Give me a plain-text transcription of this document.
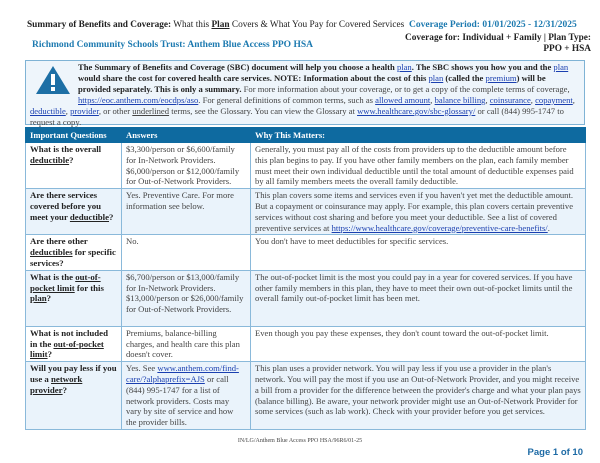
Summary of Benefits and Coverage: What this Plan Covers & What You Pay for Covered Services Coverage Period: 01/01/2025 - 12/31/2025
Coverage for: Individual + Family | Plan Type: PPO + HSA
Richmond Community Schools Trust: Anthem Blue Access PPO HSA
The Summary of Benefits and Coverage (SBC) document will help you choose a health plan. The SBC shows you how you and the plan would share the cost for covered health care services. NOTE: Information about the cost of this plan (called the premium) will be provided separately. This is only a summary. For more information about your coverage, or to get a copy of the complete terms of coverage, https://eoc.anthem.com/eocdps/aso. For general definitions of common terms, such as allowed amount, balance billing, coinsurance, copayment, deductible, provider, or other underlined terms, see the Glossary. You can view the Glossary at www.healthcare.gov/sbc-glossary/ or call (844) 995-1747 to request a copy.
Important Questions	Answers	Why This Matters:
What is the overall deductible?	$3,300/person or $6,600/family for In-Network Providers. $6,000/person or $12,000/family for Out-of-Network Providers.	Generally, you must pay all of the costs from providers up to the deductible amount before this plan begins to pay. If you have other family members on the plan, each family member must meet their own individual deductible until the total amount of deductible expenses paid by all family members meets the overall family deductible.
Are there services covered before you meet your deductible?	Yes. Preventive Care. For more information see below.	This plan covers some items and services even if you haven't yet met the deductible amount. But a copayment or coinsurance may apply. For example, this plan covers certain preventive services without cost sharing and before you meet your deductible. See a list of covered preventive services at https://www.healthcare.gov/coverage/preventive-care-benefits/.
Are there other deductibles for specific services?	No.	You don't have to meet deductibles for specific services.
What is the out-of-pocket limit for this plan?	$6,700/person or $13,000/family for In-Network Providers. $13,000/person or $26,000/family for Out-of-Network Providers.	The out-of-pocket limit is the most you could pay in a year for covered services. If you have other family members in this plan, they have to meet their own out-of-pocket limits until the overall family out-of-pocket limit has been met.
What is not included in the out-of-pocket limit?	Premiums, balance-billing charges, and health care this plan doesn't cover.	Even though you pay these expenses, they don't count toward the out-of-pocket limit.
Will you pay less if you use a network provider?	Yes. See www.anthem.com/find-care/?alphaprefix=AJS or call (844) 995-1747 for a list of network providers. Costs may vary by site of service and how the provider bills.	This plan uses a provider network. You will pay less if you use a provider in the plan's network. You will pay the most if you use an Out-of-Network Provider, and you might receive a bill from a provider for the difference between the provider's charge and what your plan pays (balance billing). Be aware, your network provider might use an Out-of-Network Provider for some services (such as lab work). Check with your provider before you get services.
IN/LG/Anthem Blue Access PPO HSA/96R6/01-25
Page 1 of 10
